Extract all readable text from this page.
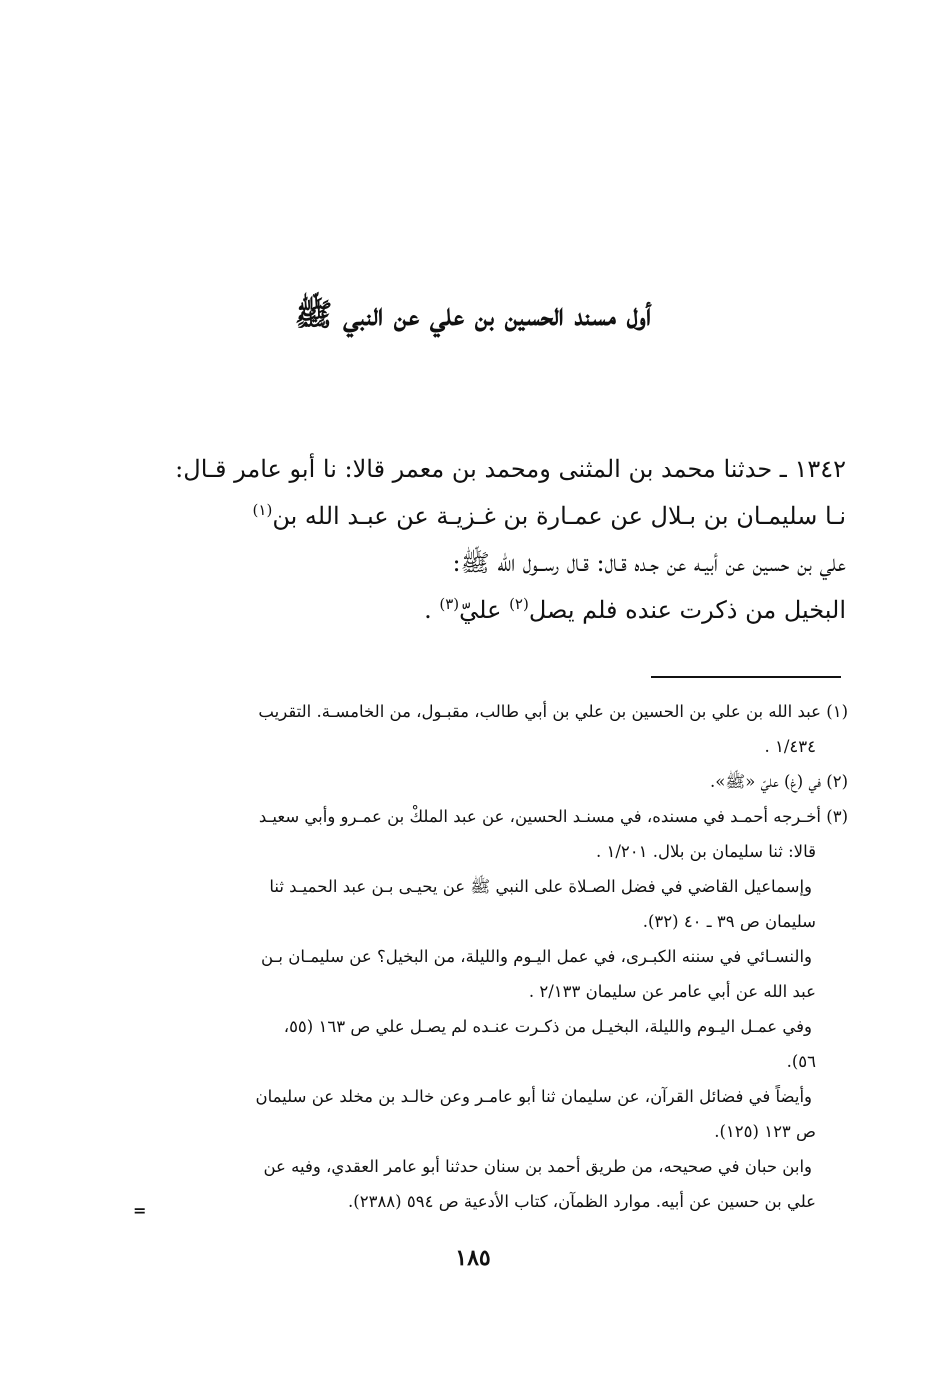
أول مسند الحسين بن علي عن النبي ﷺ
١٣٤٢ ـ حدثنا محمد بن المثنى ومحمد بن معمر قالا: نا أبو عامر قـال:
نـا سليمـان بن بـلال عن عمـارة بن غـزيـة عن عبـد الله بن$^{(١)}$
علي بن حسين عن أبيـه عن جـده قـال: قـال رســول الله ﷺ:
البخيل من ذكرت عنده فلم يصل$^{(٢)}$ عليّ$^{(٣)}$ .
(١) عبد الله بن علي بن الحسين بن علي بن أبي طالب، مقبـول، من الخامسـة. التقريب
١/٤٣٤ .
(٢) في (غ) عليّ «ﷺ».
(٣) أخـرجه أحمـد في مسنده، في مسنـد الحسين، عن عبد الملكْ بن عمـرو وأبي سعيـد
قالا: ثنا سليمان بن بلال. ١/٢٠١ .
وإسماعيل القاضي في فضل الصـلاة على النبي ﷺ عن يحيـى بـن عبد الحميـد ثنا
سليمان ص ٣٩ ـ ٤٠ (٣٢).
والنسـائي في سننه الكبـرى، في عمل اليـوم والليلة، من البخيل؟ عن سليمـان بـن
عبد الله عن أبي عامر عن سليمان ٢/١٣٣ .
وفي عمـل اليـوم والليلة، البخيـل من ذكـرت عنـده لم يصـل علي ص ١٦٣ (٥٥،
٥٦).
وأيضاً في فضائل القرآن، عن سليمان ثنا أبو عامـر وعن خالـد بن مخلد عن سليمان
ص ١٢٣ (١٢٥).
وابن حبان في صحيحه، من طريق أحمد بن سنان حدثنا أبو عامر العقدي، وفيه عن
علي بن حسين عن أبيه. موارد الظمآن، كتاب الأدعية ص ٥٩٤ (٢٣٨٨).
=
١٨٥
